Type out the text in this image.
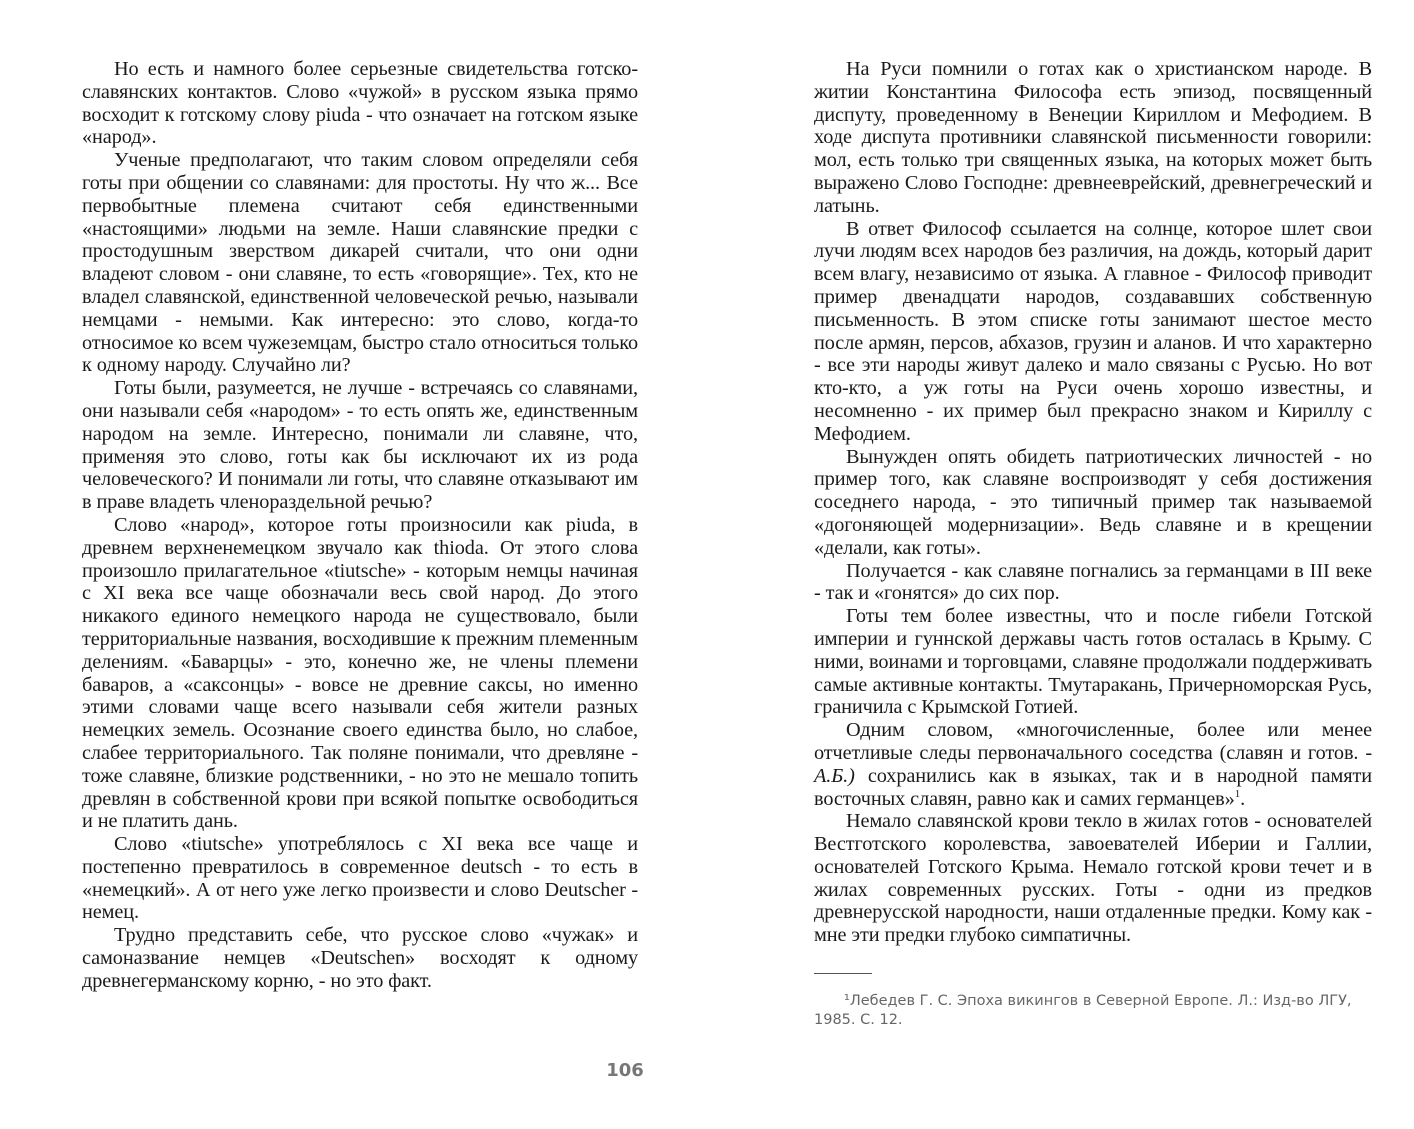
Но есть и намного более серьезные свидетельства готско-славянских контактов. Слово «чужой» в русском языка прямо восходит к готскому слову piuda - что означает на готском языке «народ».

Ученые предполагают, что таким словом определяли себя готы при общении со славянами: для простоты. Ну что ж... Все первобытные племена считают себя единственными «настоящими» людьми на земле. Наши славянские предки с простодушным зверством дикарей считали, что они одни владеют словом - они славяне, то есть «говорящие». Тех, кто не владел славянской, единственной человеческой речью, называли немцами - немыми. Как интересно: это слово, когда-то относимое ко всем чужеземцам, быстро стало относиться только к одному народу. Случайно ли?

Готы были, разумеется, не лучше - встречаясь со славянами, они называли себя «народом» - то есть опять же, единственным народом на земле. Интересно, понимали ли славяне, что, применяя это слово, готы как бы исключают их из рода человеческого? И понимали ли готы, что славяне отказывают им в праве владеть членораздельной речью?

Слово «народ», которое готы произносили как piuda, в древнем верхненемецком звучало как thioda. От этого слова произошло прилагательное «tiutsche» - которым немцы начиная с XI века все чаще обозначали весь свой народ. До этого никакого единого немецкого народа не существовало, были территориальные названия, восходившие к прежним племенным делениям. «Баварцы» - это, конечно же, не члены племени баваров, а «саксонцы» - вовсе не древние саксы, но именно этими словами чаще всего называли себя жители разных немецких земель. Осознание своего единства было, но слабое, слабее территориального. Так поляне понимали, что древляне - тоже славяне, близкие родственники, - но это не мешало топить древлян в собственной крови при всякой попытке освободиться и не платить дань.

Слово «tiutsche» употреблялось с XI века все чаще и постепенно превратилось в современное deutsch - то есть в «немецкий». А от него уже легко произвести и слово Deutscher - немец.

Трудно представить себе, что русское слово «чужак» и самоназвание немцев «Deutschen» восходят к одному древнегерманскому корню, - но это факт.

106

На Руси помнили о готах как о христианском народе. В житии Константина Философа есть эпизод, посвященный диспуту, проведенному в Венеции Кириллом и Мефодием. В ходе диспута противники славянской письменности говорили: мол, есть только три священных языка, на которых может быть выражено Слово Господне: древнееврейский, древнегреческий и латынь.

В ответ Философ ссылается на солнце, которое шлет свои лучи людям всех народов без различия, на дождь, который дарит всем влагу, независимо от языка. А главное - Философ приводит пример двенадцати народов, создававших собственную письменность. В этом списке готы занимают шестое место после армян, персов, абхазов, грузин и аланов. И что характерно - все эти народы живут далеко и мало связаны с Русью. Но вот кто-кто, а уж готы на Руси очень хорошо известны, и несомненно - их пример был прекрасно знаком и Кириллу с Мефодием.

Вынужден опять обидеть патриотических личностей - но пример того, как славяне воспроизводят у себя достижения соседнего народа, - это типичный пример так называемой «догоняющей модернизации». Ведь славяне и в крещении «делали, как готы».

Получается - как славяне погнались за германцами в III веке - так и «гонятся» до сих пор.

Готы тем более известны, что и после гибели Готской империи и гуннской державы часть готов осталась в Крыму. С ними, воинами и торговцами, славяне продолжали поддерживать самые активные контакты. Тмутаракань, Причерноморская Русь, граничила с Крымской Готией.

Одним словом, «многочисленные, более или менее отчетливые следы первоначального соседства (славян и готов. - А.Б.) сохранились как в языках, так и в народной памяти восточных славян, равно как и самих германцев»$^1$.

Немало славянской крови текло в жилах готов - основателей Вестготского королевства, завоевателей Иберии и Галлии, основателей Готского Крыма. Немало готской крови течет и в жилах современных русских. Готы - одни из предков древнерусской народности, наши отдаленные предки. Кому как - мне эти предки глубоко симпатичны.

¹Лебедев Г. С. Эпоха викингов в Северной Европе. Л.: Изд-во ЛГУ, 1985. С. 12.
